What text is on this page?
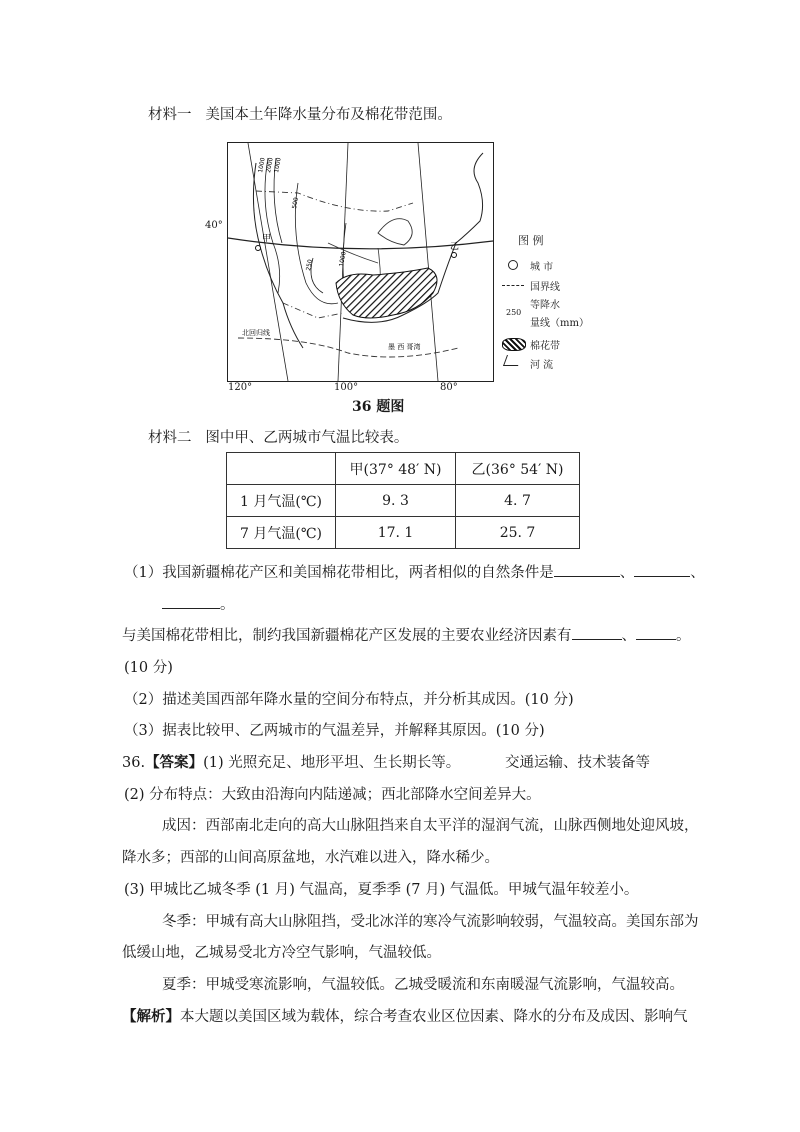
材料一 美国本土年降水量分布及棉花带范围。
40°
甲
乙
墨 西 哥湾
北回归线
1000
2000
1000
500
250	1000
120°	100°	80°
图 例
城 市
国界线
等降水
250
量线（mm）
棉花带
河 流
36 题图
材料二 图中甲、乙两城市气温比较表。
	甲(37° 48′ N)	乙(36° 54′ N)
1 月气温(℃)	9. 3	4. 7
7 月气温(℃)	17. 1	25. 7
（1）我国新疆棉花产区和美国棉花带相比，两者相似的自然条件是	、	、
。
与美国棉花带相比，制约我国新疆棉花产区发展的主要农业经济因素有	、	。
(10 分)
（2）描述美国西部年降水量的空间分布特点，并分析其成因。(10 分)
（3）据表比较甲、乙两城市的气温差异，并解释其原因。(10 分)
36.【答案】(1) 光照充足、地形平坦、生长期长等。	交通运输、技术装备等
(2) 分布特点：大致由沿海向内陆递减；西北部降水空间差异大。
成因：西部南北走向的高大山脉阻挡来自太平洋的湿润气流，山脉西侧地处迎风坡，
降水多；西部的山间高原盆地，水汽难以进入，降水稀少。
(3) 甲城比乙城冬季 (1 月) 气温高，夏季季 (7 月) 气温低。甲城气温年较差小。
冬季：甲城有高大山脉阻挡，受北冰洋的寒冷气流影响较弱，气温较高。美国东部为
低缓山地，乙城易受北方冷空气影响，气温较低。
夏季：甲城受寒流影响，气温较低。乙城受暖流和东南暖湿气流影响，气温较高。
【解析】本大题以美国区域为载体，综合考查农业区位因素、降水的分布及成因、影响气
